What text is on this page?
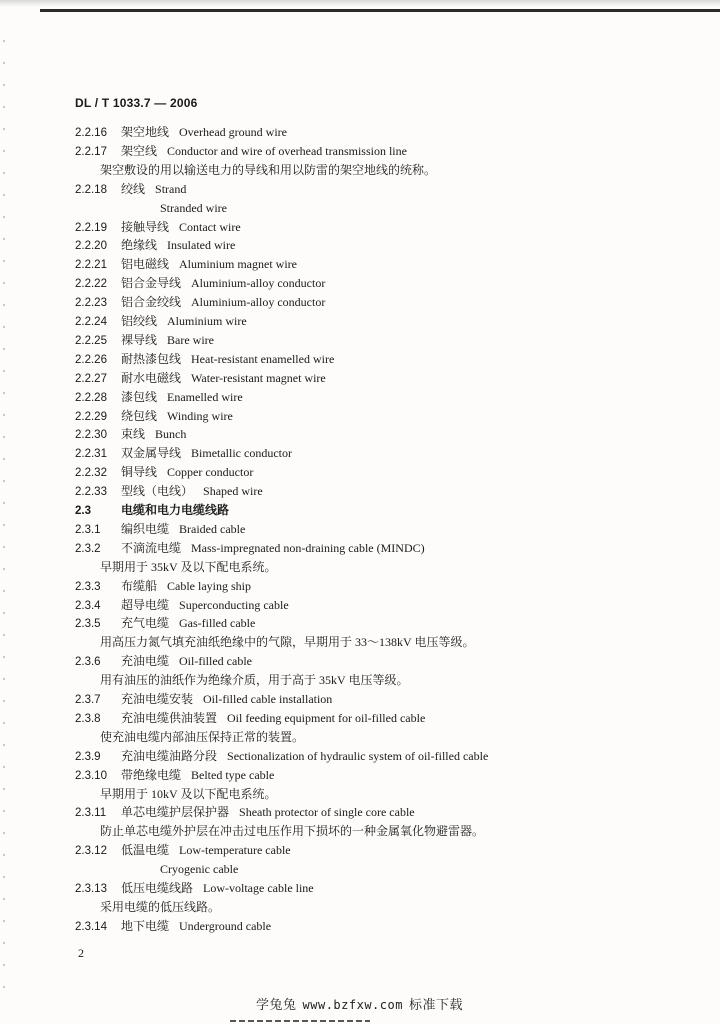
DL / T 1033.7 — 2006
2.2.16 架空地线 Overhead ground wire
2.2.17 架空线 Conductor and wire of overhead transmission line
架空敷设的用以输送电力的导线和用以防雷的架空地线的统称。
2.2.18 绞线 Strand
Stranded wire
2.2.19 接触导线 Contact wire
2.2.20 绝缘线 Insulated wire
2.2.21 铝电磁线 Aluminium magnet wire
2.2.22 铝合金导线 Aluminium-alloy conductor
2.2.23 铝合金绞线 Aluminium-alloy conductor
2.2.24 铝绞线 Aluminium wire
2.2.25 裸导线 Bare wire
2.2.26 耐热漆包线 Heat-resistant enamelled wire
2.2.27 耐水电磁线 Water-resistant magnet wire
2.2.28 漆包线 Enamelled wire
2.2.29 绕包线 Winding wire
2.2.30 束线 Bunch
2.2.31 双金属导线 Bimetallic conductor
2.2.32 铜导线 Copper conductor
2.2.33 型线（电线） Shaped wire
2.3	电缆和电力电缆线路
2.3.1 编织电缆 Braided cable
2.3.2 不滴流电缆 Mass-impregnated non-draining cable (MINDC)
早期用于 35kV 及以下配电系统。
2.3.3 布缆船 Cable laying ship
2.3.4 超导电缆 Superconducting cable
2.3.5 充气电缆 Gas-filled cable
用高压力氮气填充油纸绝缘中的气隙，早期用于 33～138kV 电压等级。
2.3.6 充油电缆 Oil-filled cable
用有油压的油纸作为绝缘介质，用于高于 35kV 电压等级。
2.3.7 充油电缆安装 Oil-filled cable installation
2.3.8 充油电缆供油装置 Oil feeding equipment for oil-filled cable
使充油电缆内部油压保持正常的装置。
2.3.9 充油电缆油路分段 Sectionalization of hydraulic system of oil-filled cable
2.3.10 带绝缘电缆 Belted type cable
早期用于 10kV 及以下配电系统。
2.3.11 单芯电缆护层保护器 Sheath protector of single core cable
防止单芯电缆外护层在冲击过电压作用下损坏的一种金属氧化物避雷器。
2.3.12 低温电缆 Low-temperature cable
Cryogenic cable
2.3.13 低压电缆线路 Low-voltage cable line
采用电缆的低压线路。
2.3.14 地下电缆 Underground cable
2
学兔兔 www.bzfxw.com 标准下载
